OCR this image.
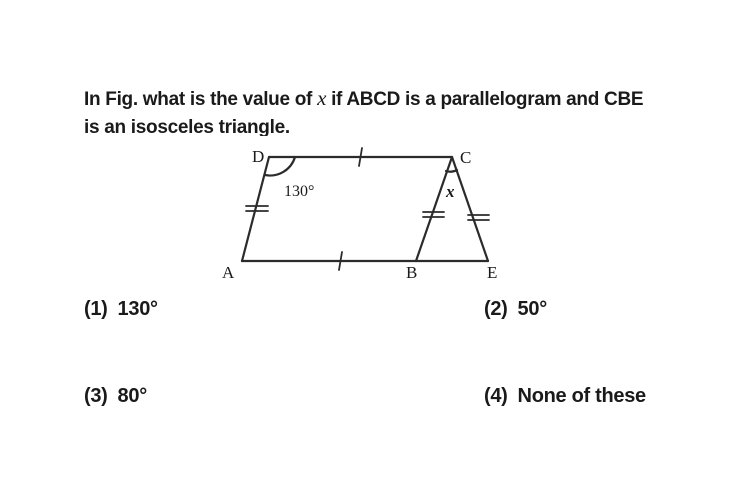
In Fig. what is the value of x if ABCD is a parallelogram and CBE
is an isosceles triangle.
D	C
A	B	E
130°	x
(1) 130°	(2) 50°
(3) 80°	(4) None of these
